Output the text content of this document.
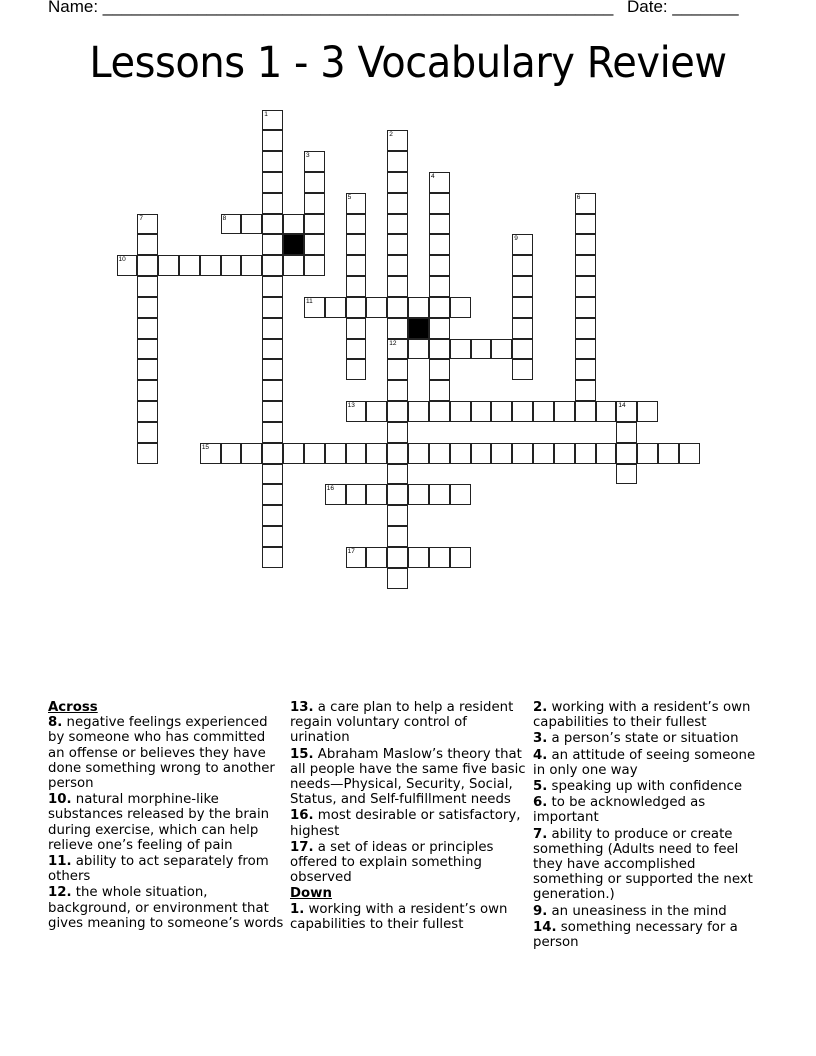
Name: ______________________________________________________ Date: _______
Lessons 1 - 3 Vocabulary Review
1
2
12
3
4
5	6
7	8
9
10
11
13	14
15
16
17
Across
8. negative feelings experienced by someone who has committed an offense or believes they have done something wrong to another person
10. natural morphine-like substances released by the brain during exercise, which can help relieve one’s feeling of pain
11. ability to act separately from others
12. the whole situation, background, or environment that gives meaning to someone’s words
13. a care plan to help a resident regain voluntary control of urination
15. Abraham Maslow’s theory that all people have the same five basic needs—Physical, Security, Social, Status, and Self-fulfillment needs
16. most desirable or satisfactory, highest
17. a set of ideas or principles offered to explain something observed
Down
1. working with a resident’s own capabilities to their fullest
2. working with a resident’s own capabilities to their fullest
3. a person’s state or situation
4. an attitude of seeing someone in only one way
5. speaking up with confidence
6. to be acknowledged as important
7. ability to produce or create something (Adults need to feel they have accomplished something or supported the next generation.)
9. an uneasiness in the mind
14. something necessary for a person
